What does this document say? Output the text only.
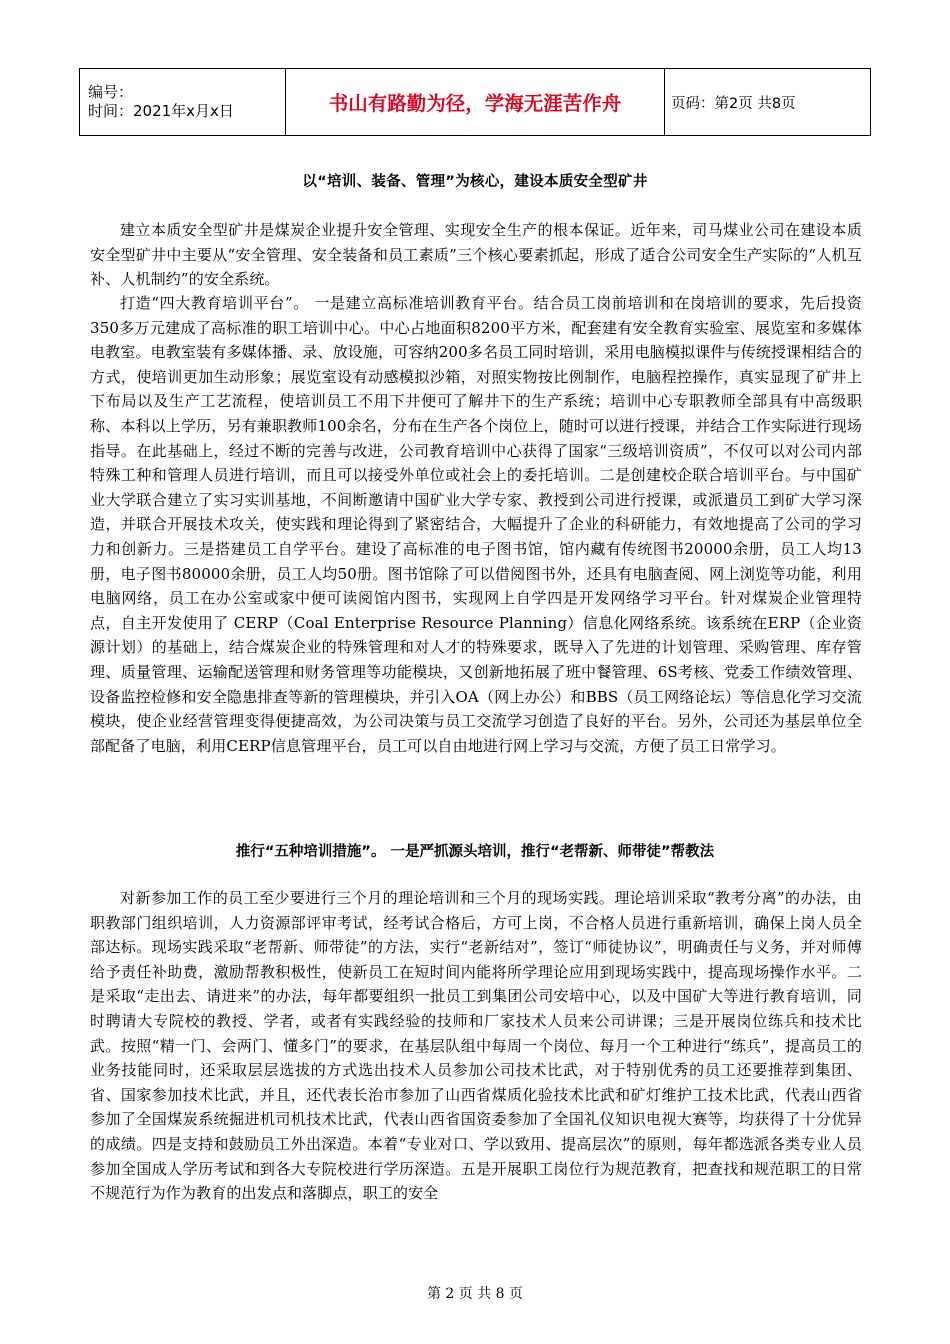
编号：
时间：2021年x月x日	书山有路勤为径，学海无涯苦作舟	页码：第2页 共8页
以“培训、装备、管理”为核心，建设本质安全型矿井

建立本质安全型矿井是煤炭企业提升安全管理、实现安全生产的根本保证。近年来，司马煤业公司在建设本质安全型矿井中主要从“安全管理、安全装备和员工素质”三个核心要素抓起，形成了适合公司安全生产实际的“人机互补、人机制约”的安全系统。

打造“四大教育培训平台”。 一是建立高标准培训教育平台。结合员工岗前培训和在岗培训的要求，先后投资350多万元建成了高标准的职工培训中心。中心占地面积8200平方米，配套建有安全教育实验室、展览室和多媒体电教室。电教室装有多媒体播、录、放设施，可容纳200多名员工同时培训，采用电脑模拟课件与传统授课相结合的方式，使培训更加生动形象；展览室设有动感模拟沙箱，对照实物按比例制作，电脑程控操作，真实显现了矿井上下布局以及生产工艺流程，使培训员工不用下井便可了解井下的生产系统；培训中心专职教师全部具有中高级职称、本科以上学历，另有兼职教师100余名，分布在生产各个岗位上，随时可以进行授课，并结合工作实际进行现场指导。在此基础上，经过不断的完善与改进，公司教育培训中心获得了国家“三级培训资质”，不仅可以对公司内部特殊工种和管理人员进行培训，而且可以接受外单位或社会上的委托培训。二是创建校企联合培训平台。与中国矿业大学联合建立了实习实训基地，不间断邀请中国矿业大学专家、教授到公司进行授课，或派遣员工到矿大学习深造，并联合开展技术攻关，使实践和理论得到了紧密结合，大幅提升了企业的科研能力，有效地提高了公司的学习力和创新力。三是搭建员工自学平台。建设了高标准的电子图书馆，馆内藏有传统图书20000余册，员工人均13册，电子图书80000余册，员工人均50册。图书馆除了可以借阅图书外，还具有电脑查阅、网上浏览等功能，利用电脑网络，员工在办公室或家中便可读阅馆内图书，实现网上自学四是开发网络学习平台。针对煤炭企业管理特点，自主开发使用了 CERP（Coal Enterprise Resource Planning）信息化网络系统。该系统在ERP（企业资源计划）的基础上，结合煤炭企业的特殊管理和对人才的特殊要求，既导入了先进的计划管理、采购管理、库存管理、质量管理、运输配送管理和财务管理等功能模块，又创新地拓展了班中餐管理、6S考核、党委工作绩效管理、设备监控检修和安全隐患排查等新的管理模块，并引入OA（网上办公）和BBS（员工网络论坛）等信息化学习交流模块，使企业经营管理变得便捷高效，为公司决策与员工交流学习创造了良好的平台。另外，公司还为基层单位全部配备了电脑，利用CERP信息管理平台，员工可以自由地进行网上学习与交流，方便了员工日常学习。

推行“五种培训措施”。 一是严抓源头培训，推行“老帮新、师带徒”帮教法

对新参加工作的员工至少要进行三个月的理论培训和三个月的现场实践。理论培训采取“教考分离”的办法，由职教部门组织培训，人力资源部评审考试，经考试合格后，方可上岗，不合格人员进行重新培训，确保上岗人员全部达标。现场实践采取“老帮新、师带徒”的方法，实行“老新结对”，签订“师徒协议”，明确责任与义务，并对师傅给予责任补助费，激励帮教积极性，使新员工在短时间内能将所学理论应用到现场实践中，提高现场操作水平。二是采取“走出去、请进来”的办法，每年都要组织一批员工到集团公司安培中心，以及中国矿大等进行教育培训，同时聘请大专院校的教授、学者，或者有实践经验的技师和厂家技术人员来公司讲课；三是开展岗位练兵和技术比武。按照“精一门、会两门、懂多门”的要求，在基层队组中每周一个岗位、每月一个工种进行“练兵”，提高员工的业务技能同时，还采取层层选拔的方式选出技术人员参加公司技术比武，对于特别优秀的员工还要推荐到集团、省、国家参加技术比武，并且，还代表长治市参加了山西省煤质化验技术比武和矿灯维护工技术比武，代表山西省参加了全国煤炭系统掘进机司机技术比武，代表山西省国资委参加了全国礼仪知识电视大赛等，均获得了十分优异的成绩。四是支持和鼓励员工外出深造。本着“专业对口、学以致用、提高层次”的原则，每年都选派各类专业人员参加全国成人学历考试和到各大专院校进行学历深造。五是开展职工岗位行为规范教育，把查找和规范职工的日常不规范行为作为教育的出发点和落脚点，职工的安全

第 2 页 共 8 页
